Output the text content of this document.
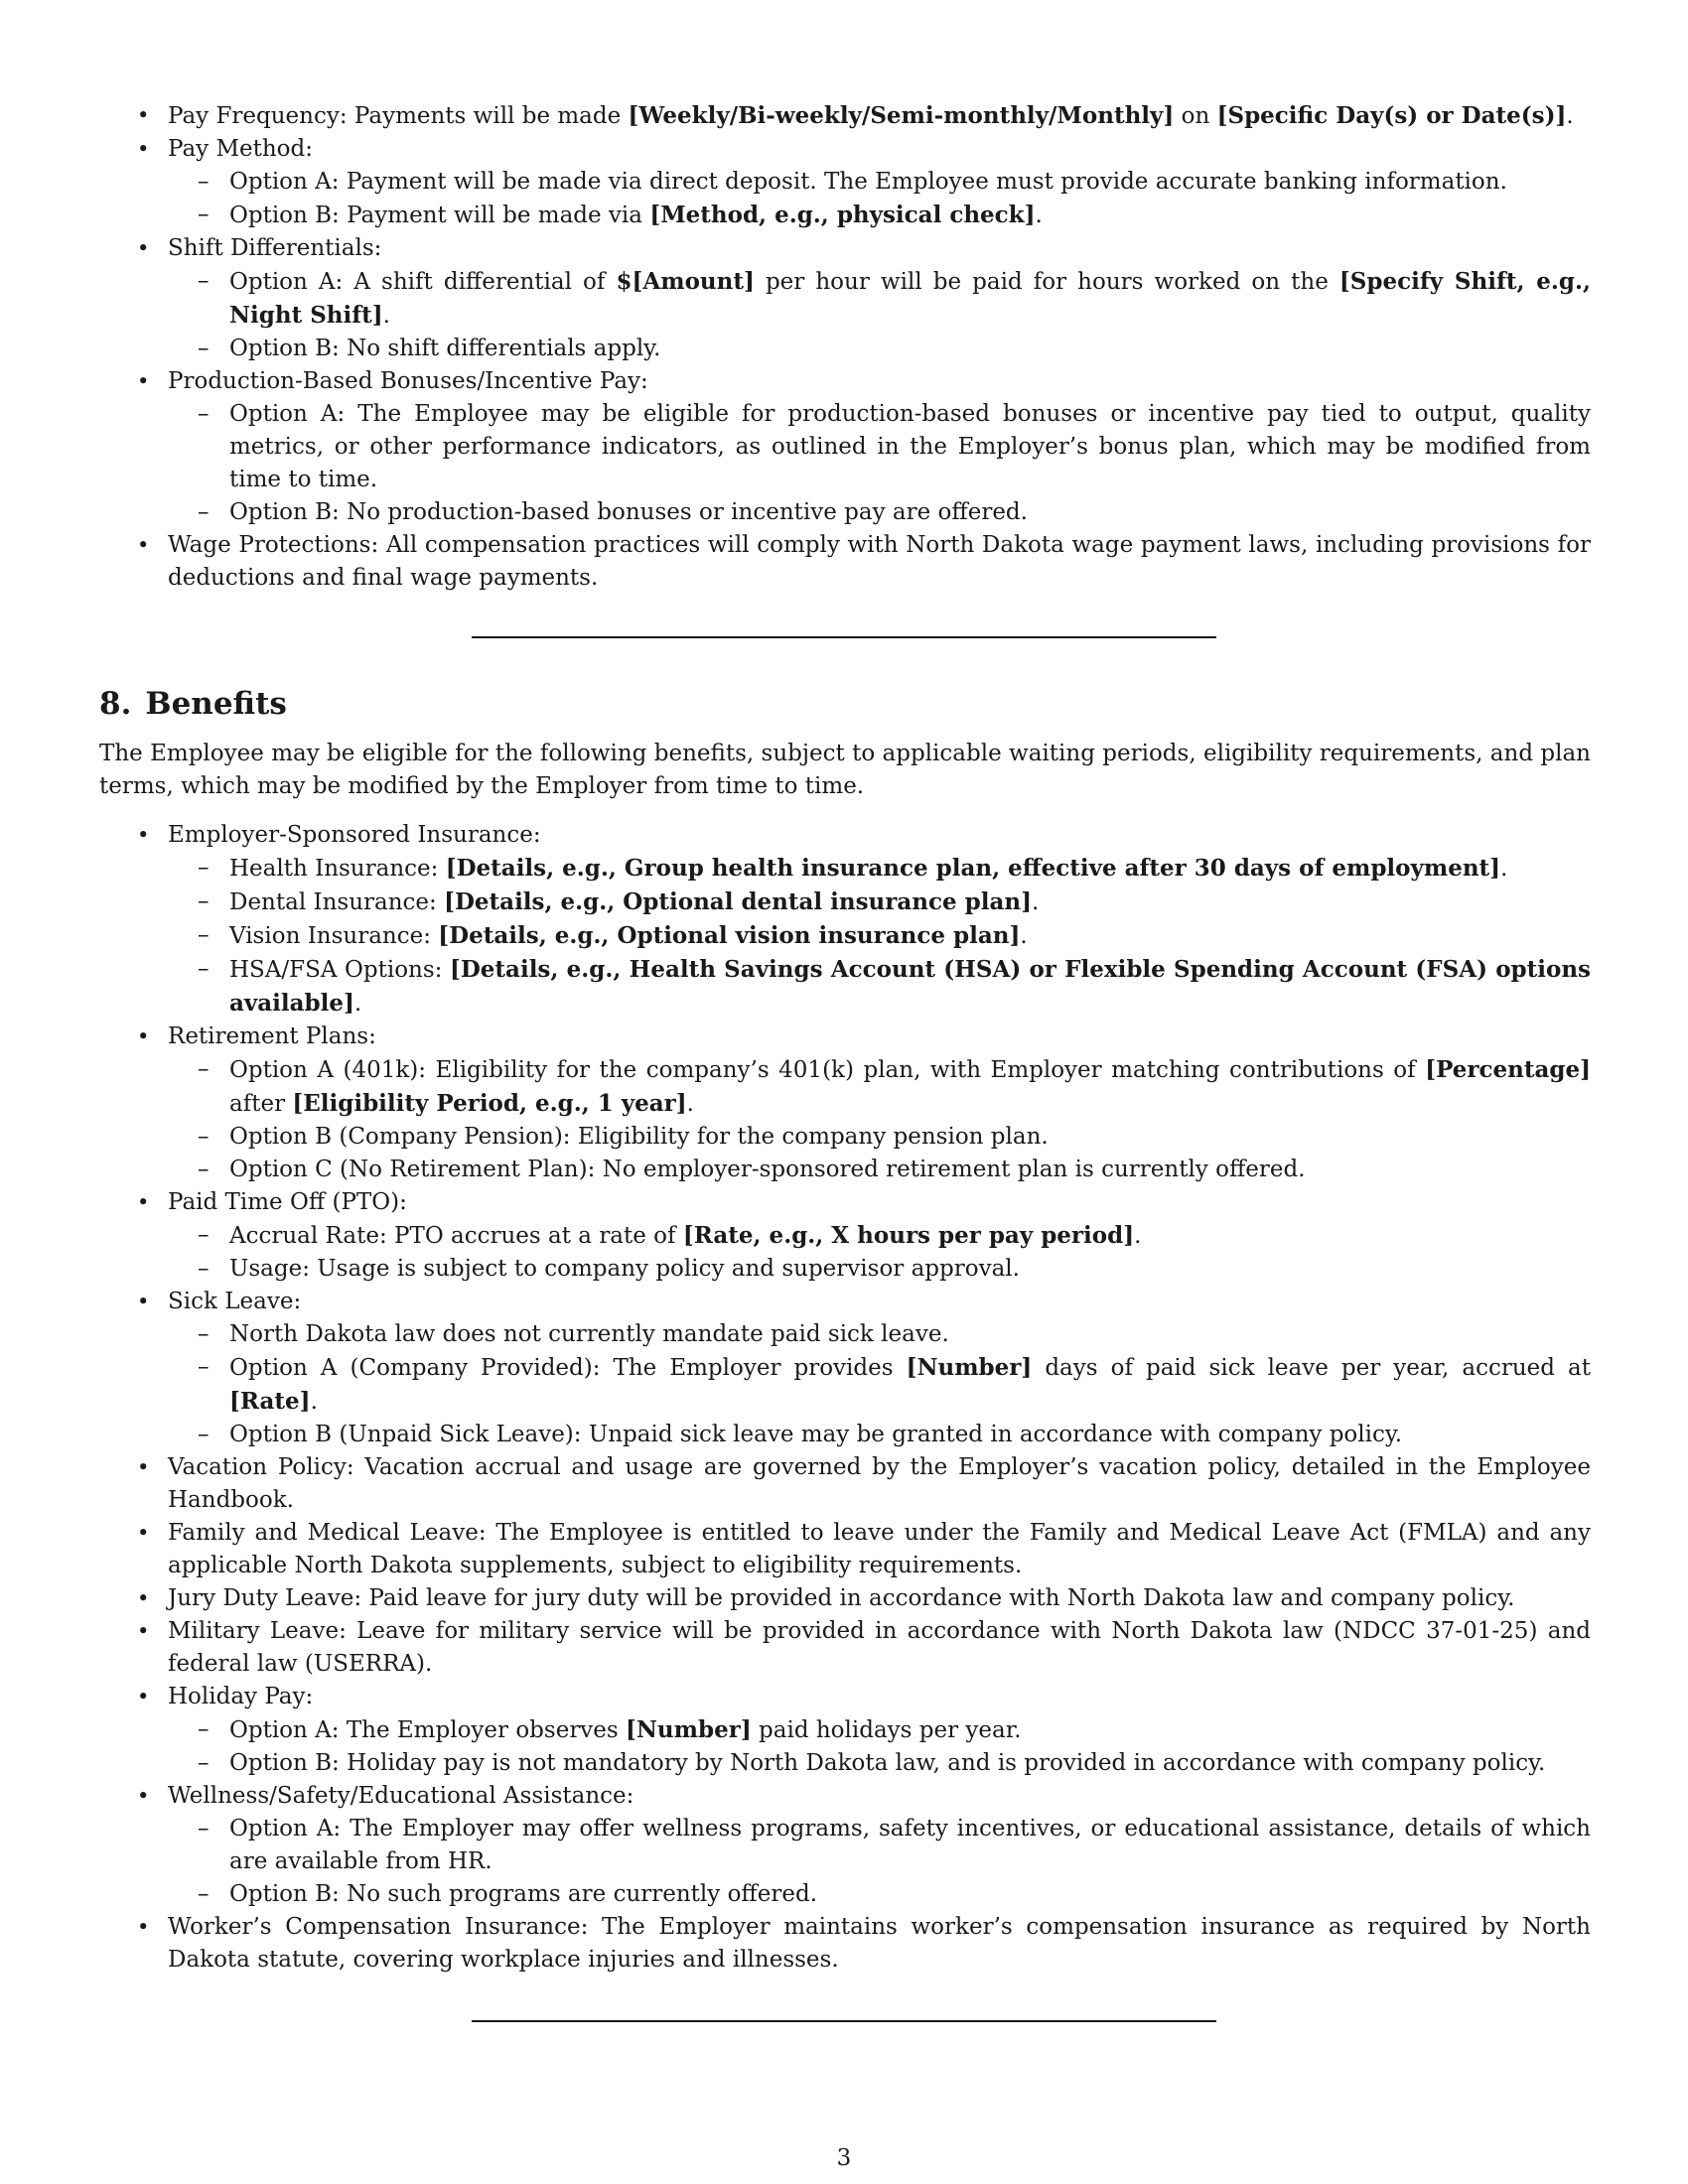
• Pay Frequency: Payments will be made [Weekly/Bi-weekly/Semi-monthly/Monthly] on [Specific Day(s) or Date(s)].
• Pay Method:
– Option A: Payment will be made via direct deposit. The Employee must provide accurate banking information.
– Option B: Payment will be made via [Method, e.g., physical check].
• Shift Differentials:
– Option A: A shift differential of $[Amount] per hour will be paid for hours worked on the [Specify Shift, e.g., Night Shift].
– Option B: No shift differentials apply.
• Production-Based Bonuses/Incentive Pay:
– Option A: The Employee may be eligible for production-based bonuses or incentive pay tied to output, quality metrics, or other performance indicators, as outlined in the Employer’s bonus plan, which may be modified from time to time.
– Option B: No production-based bonuses or incentive pay are offered.
• Wage Protections: All compensation practices will comply with North Dakota wage payment laws, including provisions for deductions and final wage payments.
8. Benefits

The Employee may be eligible for the following benefits, subject to applicable waiting periods, eligibility requirements, and plan terms, which may be modified by the Employer from time to time.

• Employer-Sponsored Insurance:
– Health Insurance: [Details, e.g., Group health insurance plan, effective after 30 days of employment].
– Dental Insurance: [Details, e.g., Optional dental insurance plan].
– Vision Insurance: [Details, e.g., Optional vision insurance plan].
– HSA/FSA Options: [Details, e.g., Health Savings Account (HSA) or Flexible Spending Account (FSA) options available].
• Retirement Plans:
– Option A (401k): Eligibility for the company’s 401(k) plan, with Employer matching contributions of [Percentage] after [Eligibility Period, e.g., 1 year].
– Option B (Company Pension): Eligibility for the company pension plan.
– Option C (No Retirement Plan): No employer-sponsored retirement plan is currently offered.
• Paid Time Off (PTO):
– Accrual Rate: PTO accrues at a rate of [Rate, e.g., X hours per pay period].
– Usage: Usage is subject to company policy and supervisor approval.
• Sick Leave:
– North Dakota law does not currently mandate paid sick leave.
– Option A (Company Provided): The Employer provides [Number] days of paid sick leave per year, accrued at [Rate].
– Option B (Unpaid Sick Leave): Unpaid sick leave may be granted in accordance with company policy.
• Vacation Policy: Vacation accrual and usage are governed by the Employer’s vacation policy, detailed in the Employee Handbook.
• Family and Medical Leave: The Employee is entitled to leave under the Family and Medical Leave Act (FMLA) and any applicable North Dakota supplements, subject to eligibility requirements.
• Jury Duty Leave: Paid leave for jury duty will be provided in accordance with North Dakota law and company policy.
• Military Leave: Leave for military service will be provided in accordance with North Dakota law (NDCC 37-01-25) and federal law (USERRA).
• Holiday Pay:
– Option A: The Employer observes [Number] paid holidays per year.
– Option B: Holiday pay is not mandatory by North Dakota law, and is provided in accordance with company policy.
• Wellness/Safety/Educational Assistance:
– Option A: The Employer may offer wellness programs, safety incentives, or educational assistance, details of which are available from HR.
– Option B: No such programs are currently offered.
• Worker’s Compensation Insurance: The Employer maintains worker’s compensation insurance as required by North Dakota statute, covering workplace injuries and illnesses.
3
